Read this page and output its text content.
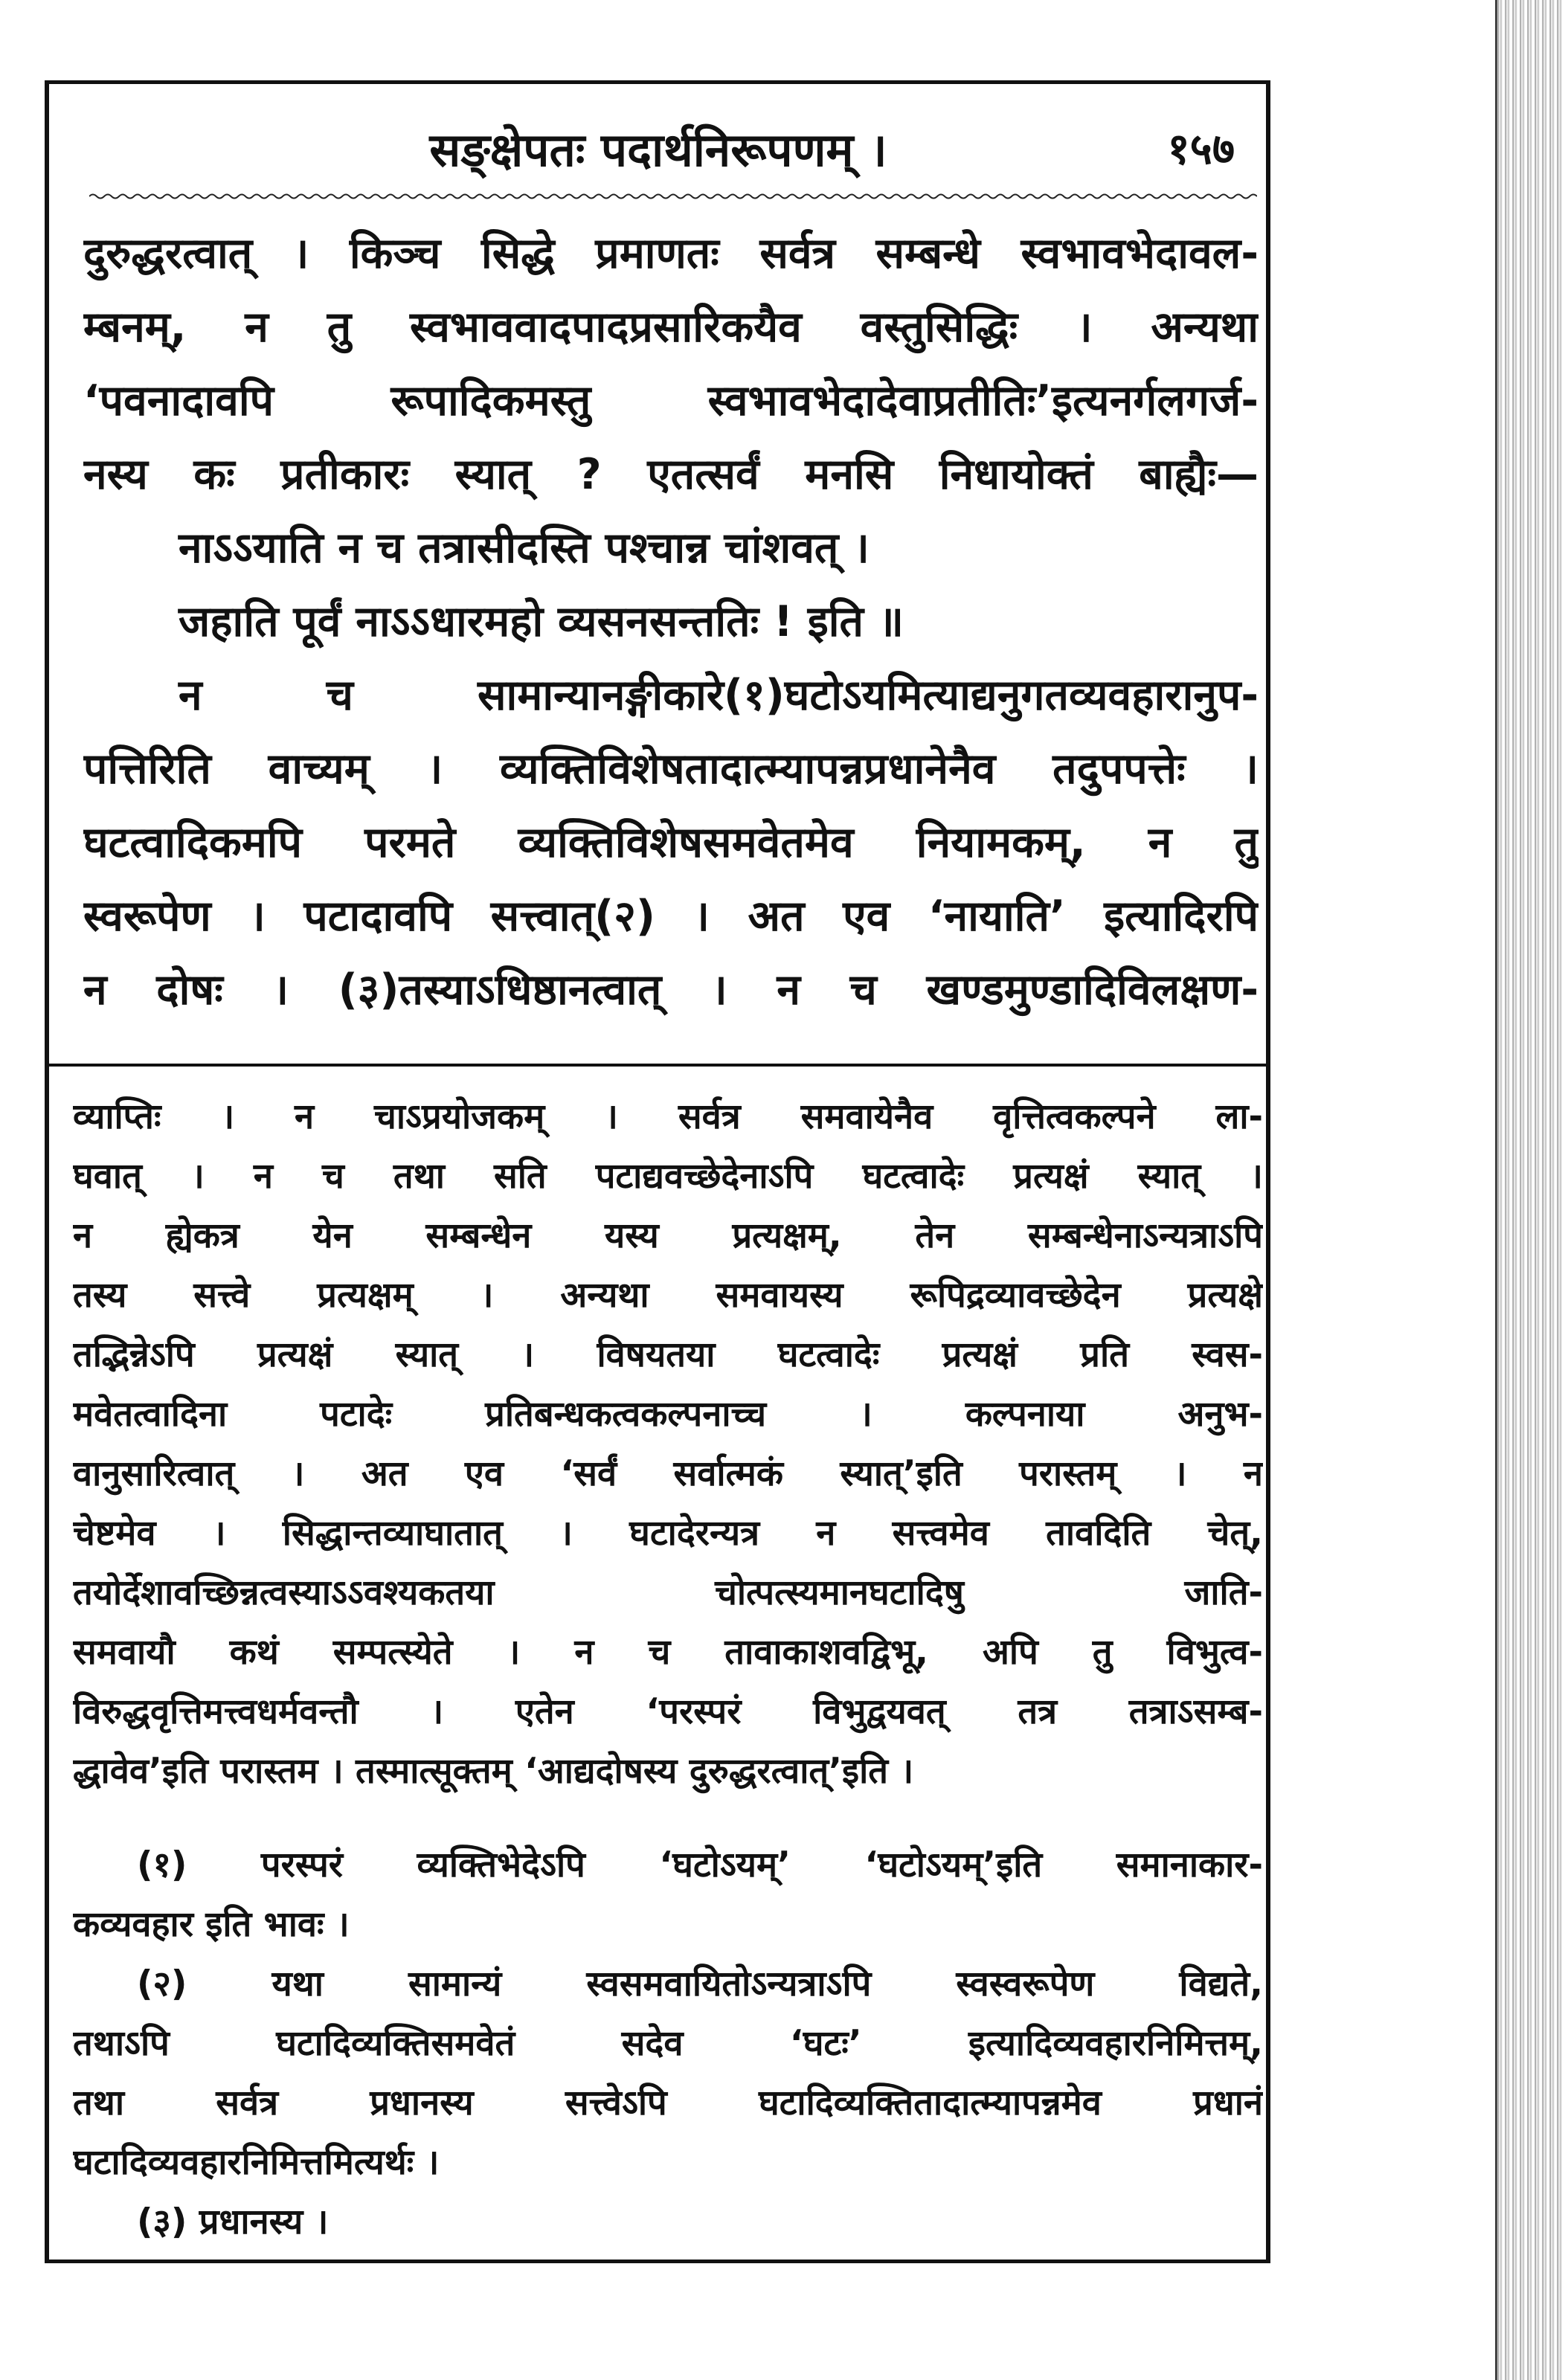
सङ्क्षेपतः पदार्थनिरूपणम् ।	१५७
दुरुद्धरत्वात् । किञ्च सिद्धे प्रमाणतः सर्वत्र सम्बन्धे स्वभावभेदावल-
म्बनम्, न तु स्वभाववादपादप्रसारिकयैव वस्तुसिद्धिः । अन्यथा
‘पवनादावपि रूपादिकमस्तु स्वभावभेदादेवाप्रतीतिः’इत्यनर्गलगर्ज-
नस्य कः प्रतीकारः स्यात् ? एतत्सर्वं मनसि निधायोक्तं बाह्यैः—
नाऽऽयाति न च तत्रासीदस्ति पश्चान्न चांशवत् ।
जहाति पूर्वं नाऽऽधारमहो व्यसनसन्ततिः ! इति ॥
न च सामान्यानङ्गीकारे(१)घटोऽयमित्याद्यनुगतव्यवहारानुप-
पत्तिरिति वाच्यम् । व्यक्तिविशेषतादात्म्यापन्नप्रधानेनैव तदुपपत्तेः ।
घटत्वादिकमपि परमते व्यक्तिविशेषसमवेतमेव नियामकम्, न तु
स्वरूपेण । पटादावपि सत्त्वात्(२) । अत एव ‘नायाति’ इत्यादिरपि
न दोषः । (३)तस्याऽधिष्ठानत्वात् । न च खण्डमुण्डादिविलक्षण-
व्याप्तिः । न चाऽप्रयोजकम् । सर्वत्र समवायेनैव वृत्तित्वकल्पने ला-
घवात् । न च तथा सति पटाद्यवच्छेदेनाऽपि घटत्वादेः प्रत्यक्षं स्यात् ।
न ह्येकत्र येन सम्बन्धेन यस्य प्रत्यक्षम्, तेन सम्बन्धेनाऽन्यत्राऽपि
तस्य सत्त्वे प्रत्यक्षम् । अन्यथा समवायस्य रूपिद्रव्यावच्छेदेन प्रत्यक्षे
तद्भिन्नेऽपि प्रत्यक्षं स्यात् । विषयतया घटत्वादेः प्रत्यक्षं प्रति स्वस-
मवेतत्वादिना पटादेः प्रतिबन्धकत्वकल्पनाच्च । कल्पनाया अनुभ-
वानुसारित्वात् । अत एव ‘सर्वं सर्वात्मकं स्यात्’इति परास्तम् । न
चेष्टमेव । सिद्धान्तव्याघातात् । घटादेरन्यत्र न सत्त्वमेव तावदिति चेत्,
तयोर्देशावच्छिन्नत्वस्याऽऽवश्यकतया चोत्पत्स्यमानघटादिषु जाति-
समवायौ कथं सम्पत्स्येते । न च तावाकाशवद्विभू, अपि तु विभुत्व-
विरुद्धवृत्तिमत्त्वधर्मवन्तौ । एतेन ‘परस्परं विभुद्वयवत् तत्र तत्राऽसम्ब-
द्धावेव’इति परास्तम । तस्मात्सूक्तम् ‘आद्यदोषस्य दुरुद्धरत्वात्’इति ।
(१) परस्परं व्यक्तिभेदेऽपि ‘घटोऽयम्’ ‘घटोऽयम्’इति समानाकार-
कव्यवहार इति भावः ।
(२) यथा सामान्यं स्वसमवायितोऽन्यत्राऽपि स्वस्वरूपेण विद्यते,
तथाऽपि घटादिव्यक्तिसमवेतं सदेव ‘घटः’ इत्यादिव्यवहारनिमित्तम्,
तथा सर्वत्र प्रधानस्य सत्त्वेऽपि घटादिव्यक्तितादात्म्यापन्नमेव प्रधानं
घटादिव्यवहारनिमित्तमित्यर्थः ।
(३) प्रधानस्य ।
